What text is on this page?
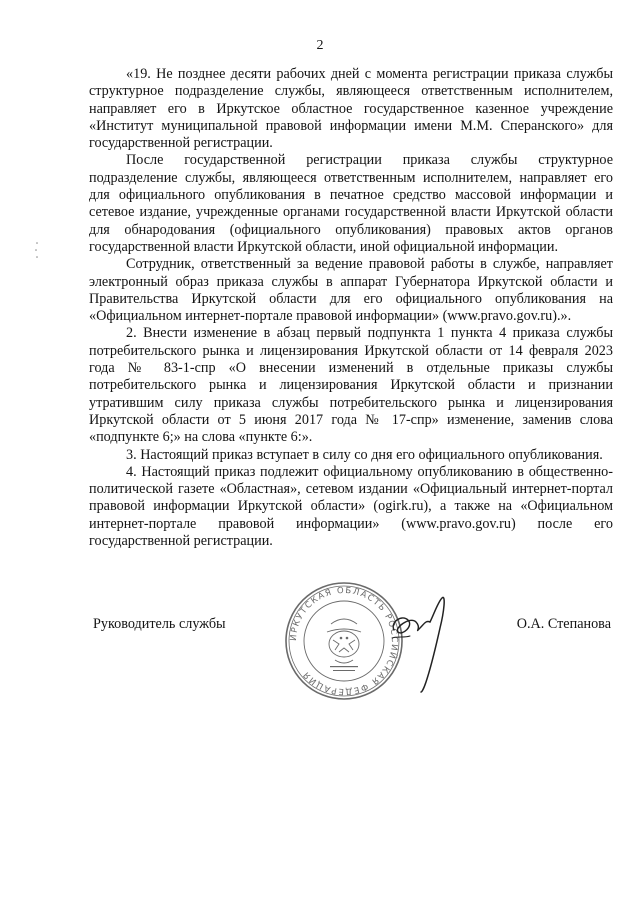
2

«19. Не позднее десяти рабочих дней с момента регистрации приказа службы структурное подразделение службы, являющееся ответственным исполнителем, направляет его в Иркутское областное государственное казенное учреждение «Институт муниципальной правовой информации имени М.М. Сперанского» для государственной регистрации.

После государственной регистрации приказа службы структурное подразделение службы, являющееся ответственным исполнителем, направляет его для официального опубликования в печатное средство массовой информации и сетевое издание, учрежденные органами государственной власти Иркутской области для обнародования (официального опубликования) правовых актов органов государственной власти Иркутской области, иной официальной информации.

Сотрудник, ответственный за ведение правовой работы в службе, направляет электронный образ приказа службы в аппарат Губернатора Иркутской области и Правительства Иркутской области для его официального опубликования на «Официальном интернет-портале правовой информации» (www.pravo.gov.ru).».

2. Внести изменение в абзац первый подпункта 1 пункта 4 приказа службы потребительского рынка и лицензирования Иркутской области от 14 февраля 2023 года № 83-1-спр «О внесении изменений в отдельные приказы службы потребительского рынка и лицензирования Иркутской области и признании утратившим силу приказа службы потребительского рынка и лицензирования Иркутской области от 5 июня 2017 года № 17-спр» изменение, заменив слова «подпункте 6;» на слова «пункте 6:».

3. Настоящий приказ вступает в силу со дня его официального опубликования.

4. Настоящий приказ подлежит официальному опубликованию в общественно-политической газете «Областная», сетевом издании «Официальный интернет-портал правовой информации Иркутской области» (ogirk.ru), а также на «Официальном интернет-портале правовой информации» (www.pravo.gov.ru) после его государственной регистрации.

Руководитель службы	О.А. Степанова
ИРКУТСКАЯ ОБЛАСТЬ РОССИЙСКАЯ ФЕДЕРАЦИЯ
